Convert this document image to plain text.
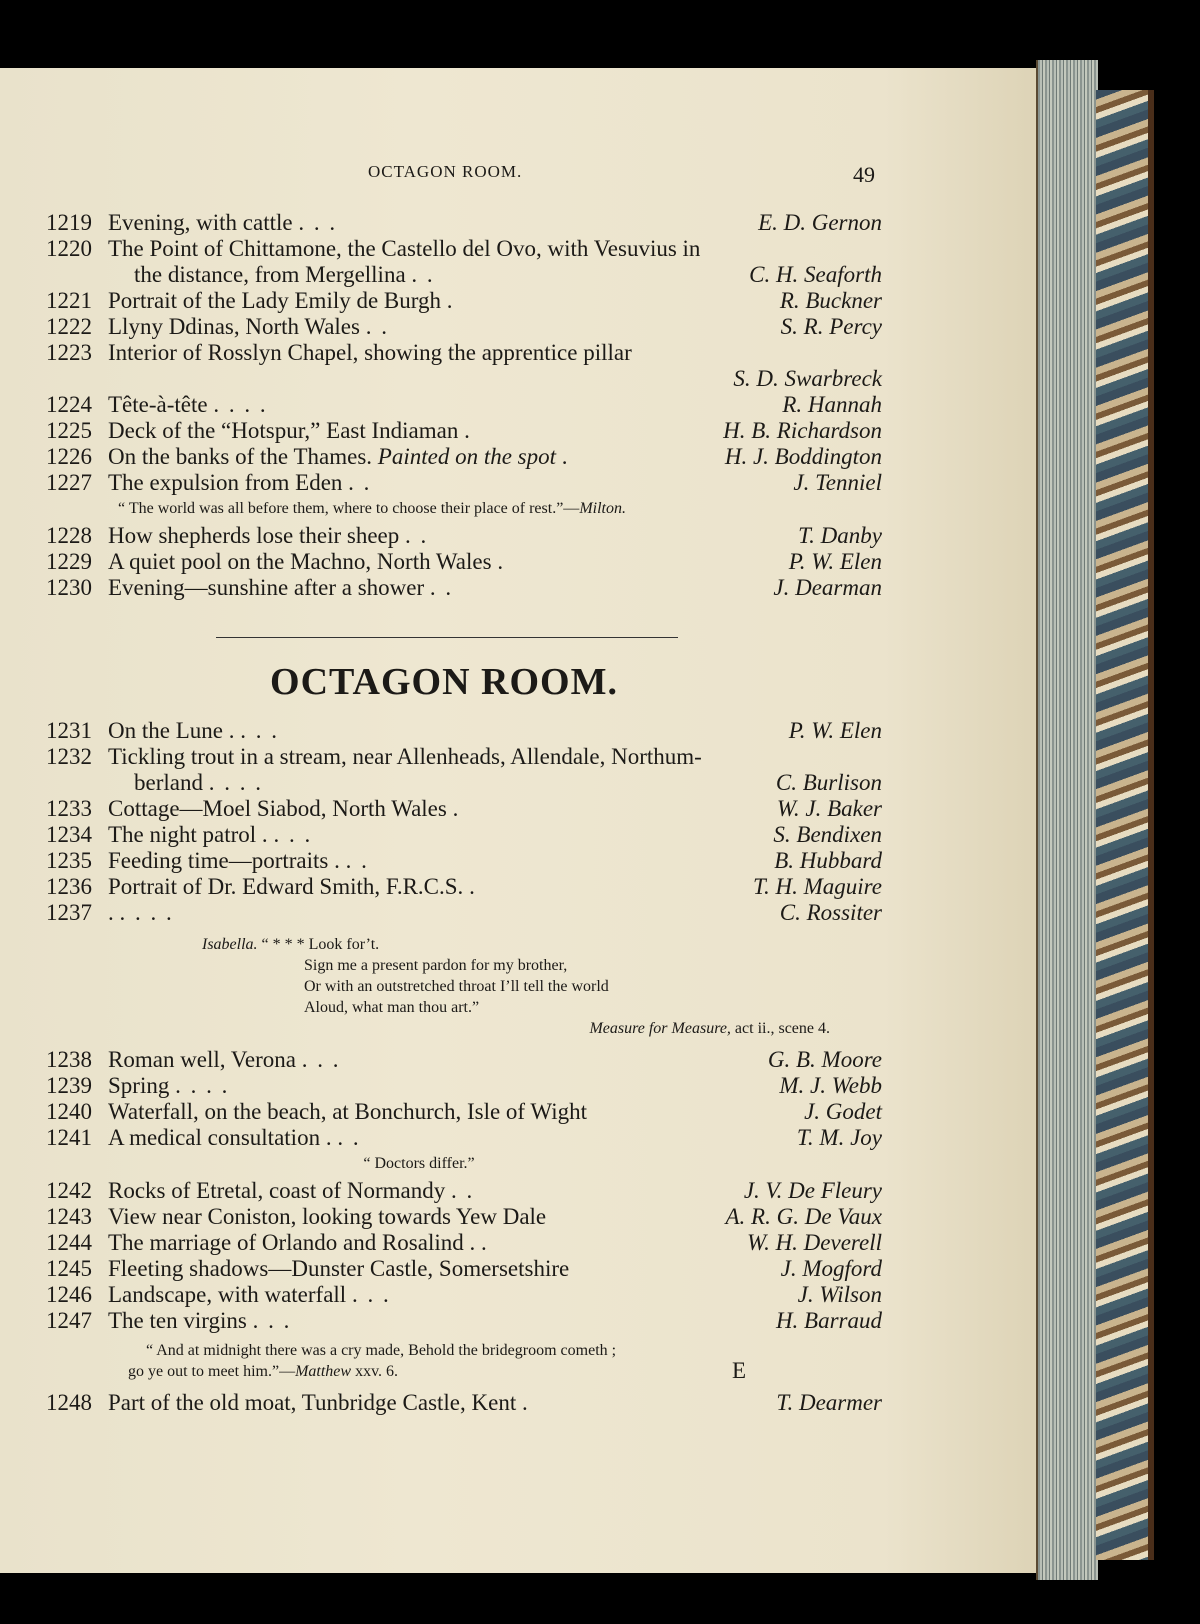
OCTAGON ROOM.	49
1219 Evening, with cattle . . .	E. D. Gernon
1220 The Point of Chittamone, the Castello del Ovo, with Vesuvius in
the distance, from Mergellina . .	C. H. Seaforth
1221 Portrait of the Lady Emily de Burgh .	R. Buckner
1222 Llyny Ddinas, North Wales . .	S. R. Percy
1223 Interior of Rosslyn Chapel, showing the apprentice pillar
S. D. Swarbreck
1224 Tête-à-tête . . . .	R. Hannah
1225 Deck of the “Hotspur,” East Indiaman .	H. B. Richardson
1226 On the banks of the Thames. Painted on the spot .	H. J. Boddington
1227 The expulsion from Eden . .	J. Tenniel
“ The world was all before them, where to choose their place of rest.”—Milton.
1228 How shepherds lose their sheep . .	T. Danby
1229 A quiet pool on the Machno, North Wales .	P. W. Elen
1230 Evening—sunshine after a shower . .	J. Dearman
OCTAGON ROOM.
1231 On the Lune . . . .	P. W. Elen
1232 Tickling trout in a stream, near Allenheads, Allendale, Northum-
berland . . . .	C. Burlison
1233 Cottage—Moel Siabod, North Wales .	W. J. Baker
1234 The night patrol . . . .	S. Bendixen
1235 Feeding time—portraits . . .	B. Hubbard
1236 Portrait of Dr. Edward Smith, F.R.C.S. .	T. H. Maguire
1237 . . . . .	C. Rossiter
Isabella. “ * * * Look for’t.
Sign me a present pardon for my brother,
Or with an outstretched throat I’ll tell the world
Aloud, what man thou art.”
Measure for Measure, act ii., scene 4.
1238 Roman well, Verona . . .	G. B. Moore
1239 Spring . . . .	M. J. Webb
1240 Waterfall, on the beach, at Bonchurch, Isle of Wight	J. Godet
1241 A medical consultation . . .	T. M. Joy
“ Doctors differ.”
1242 Rocks of Etretal, coast of Normandy . .	J. V. De Fleury
1243 View near Coniston, looking towards Yew Dale	A. R. G. De Vaux
1244 The marriage of Orlando and Rosalind . .	W. H. Deverell
1245 Fleeting shadows—Dunster Castle, Somersetshire	J. Mogford
1246 Landscape, with waterfall . . .	J. Wilson
1247 The ten virgins . . .	H. Barraud
“ And at midnight there was a cry made, Behold the bridegroom cometh ;
go ye out to meet him.”—Matthew xxv. 6.
1248 Part of the old moat, Tunbridge Castle, Kent .	T. Dearmer
E
